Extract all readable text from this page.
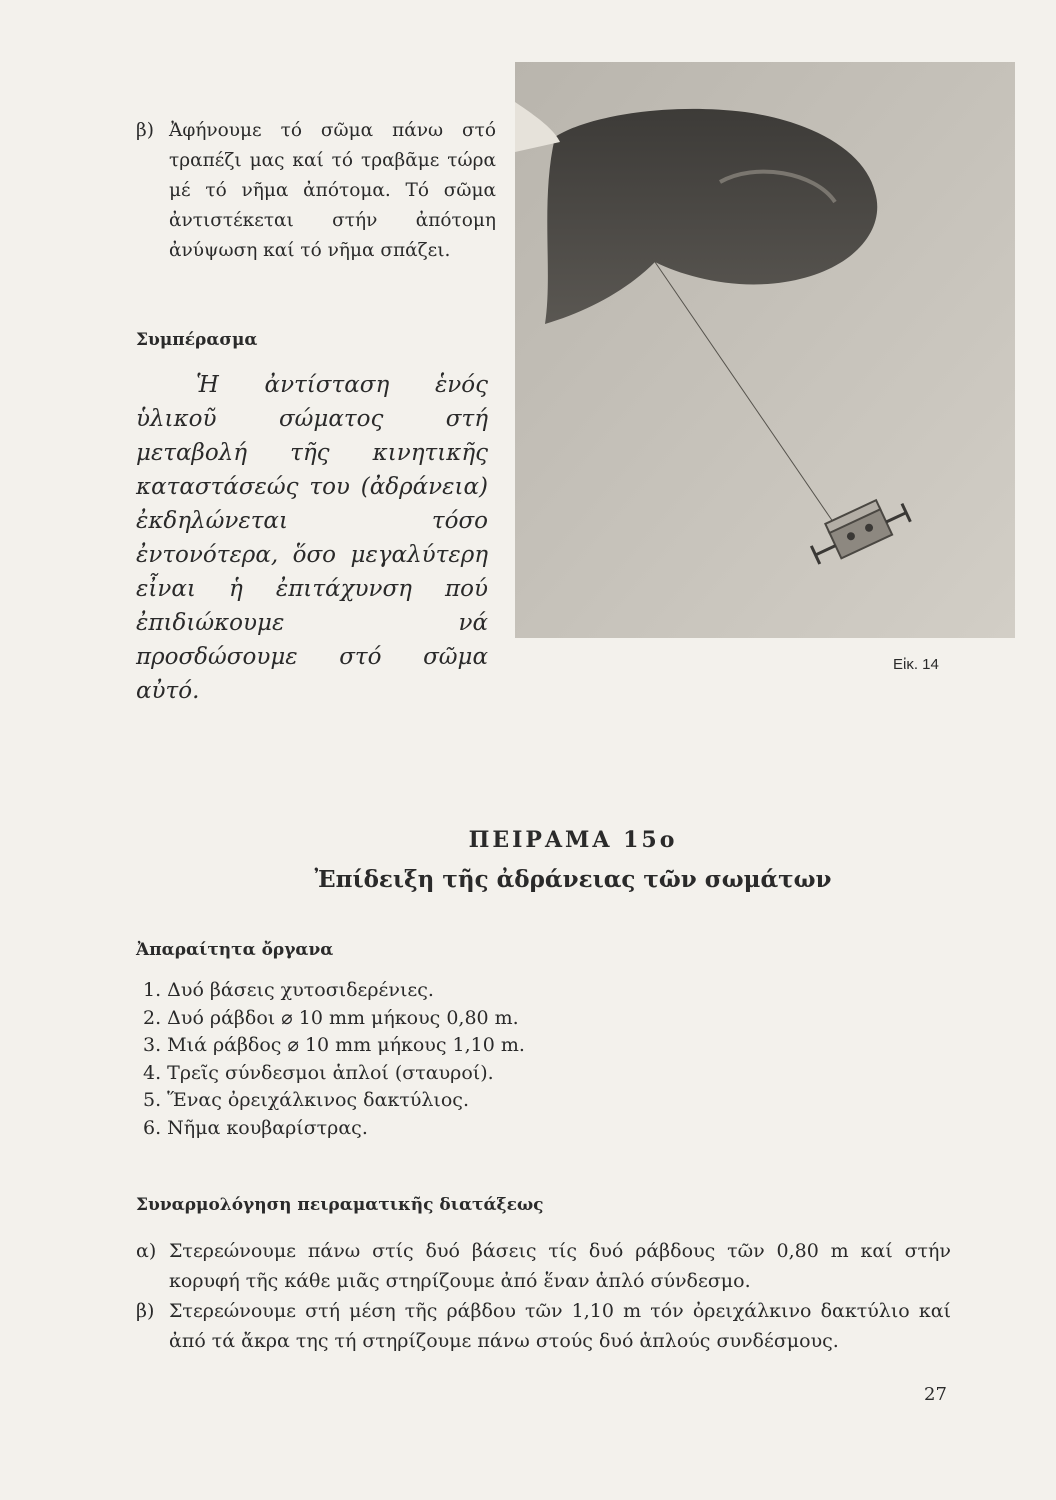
β) Ἀφήνουμε τό σῶμα πάνω στό τραπέζι μας καί τό τραβᾶμε τώρα μέ τό νῆμα ἀπότομα. Τό σῶμα ἀντιστέκεται στήν ἀπότομη ἀνύψωση καί τό νῆμα σπάζει.
Συμπέρασμα
Ἡ ἀντίσταση ἑνός ὑλικοῦ σώματος στή μεταβολή τῆς κινητικῆς καταστάσεώς του (ἀδράνεια) ἐκδηλώνεται τόσο ἐντονότερα, ὅσο μεγαλύτερη εἶναι ἡ ἐπιτάχυνση πού ἐπιδιώκουμε νά προσδώσουμε στό σῶμα αὐτό.
Εἰκ. 14
ΠΕΙΡΑΜΑ 15ο
Ἐπίδειξη τῆς ἀδράνειας τῶν σωμάτων
Ἀπαραίτητα ὄργανα
1. Δυό βάσεις χυτοσιδερένιες.
2. Δυό ράβδοι ⌀ 10 mm μήκους 0,80 m.
3. Μιά ράβδος ⌀ 10 mm μήκους 1,10 m.
4. Τρεῖς σύνδεσμοι ἁπλοί (σταυροί).
5. Ἕνας ὀρειχάλκινος δακτύλιος.
6. Νῆμα κουβαρίστρας.
Συναρμολόγηση πειραματικῆς διατάξεως
α) Στερεώνουμε πάνω στίς δυό βάσεις τίς δυό ράβδους τῶν 0,80 m καί στήν κορυφή τῆς κάθε μιᾶς στηρίζουμε ἀπό ἕναν ἁπλό σύνδεσμο.
β) Στερεώνουμε στή μέση τῆς ράβδου τῶν 1,10 m τόν ὀρειχάλκινο δακτύλιο καί ἀπό τά ἄκρα της τή στηρίζουμε πάνω στούς δυό ἁπλούς συνδέσμους.
27
